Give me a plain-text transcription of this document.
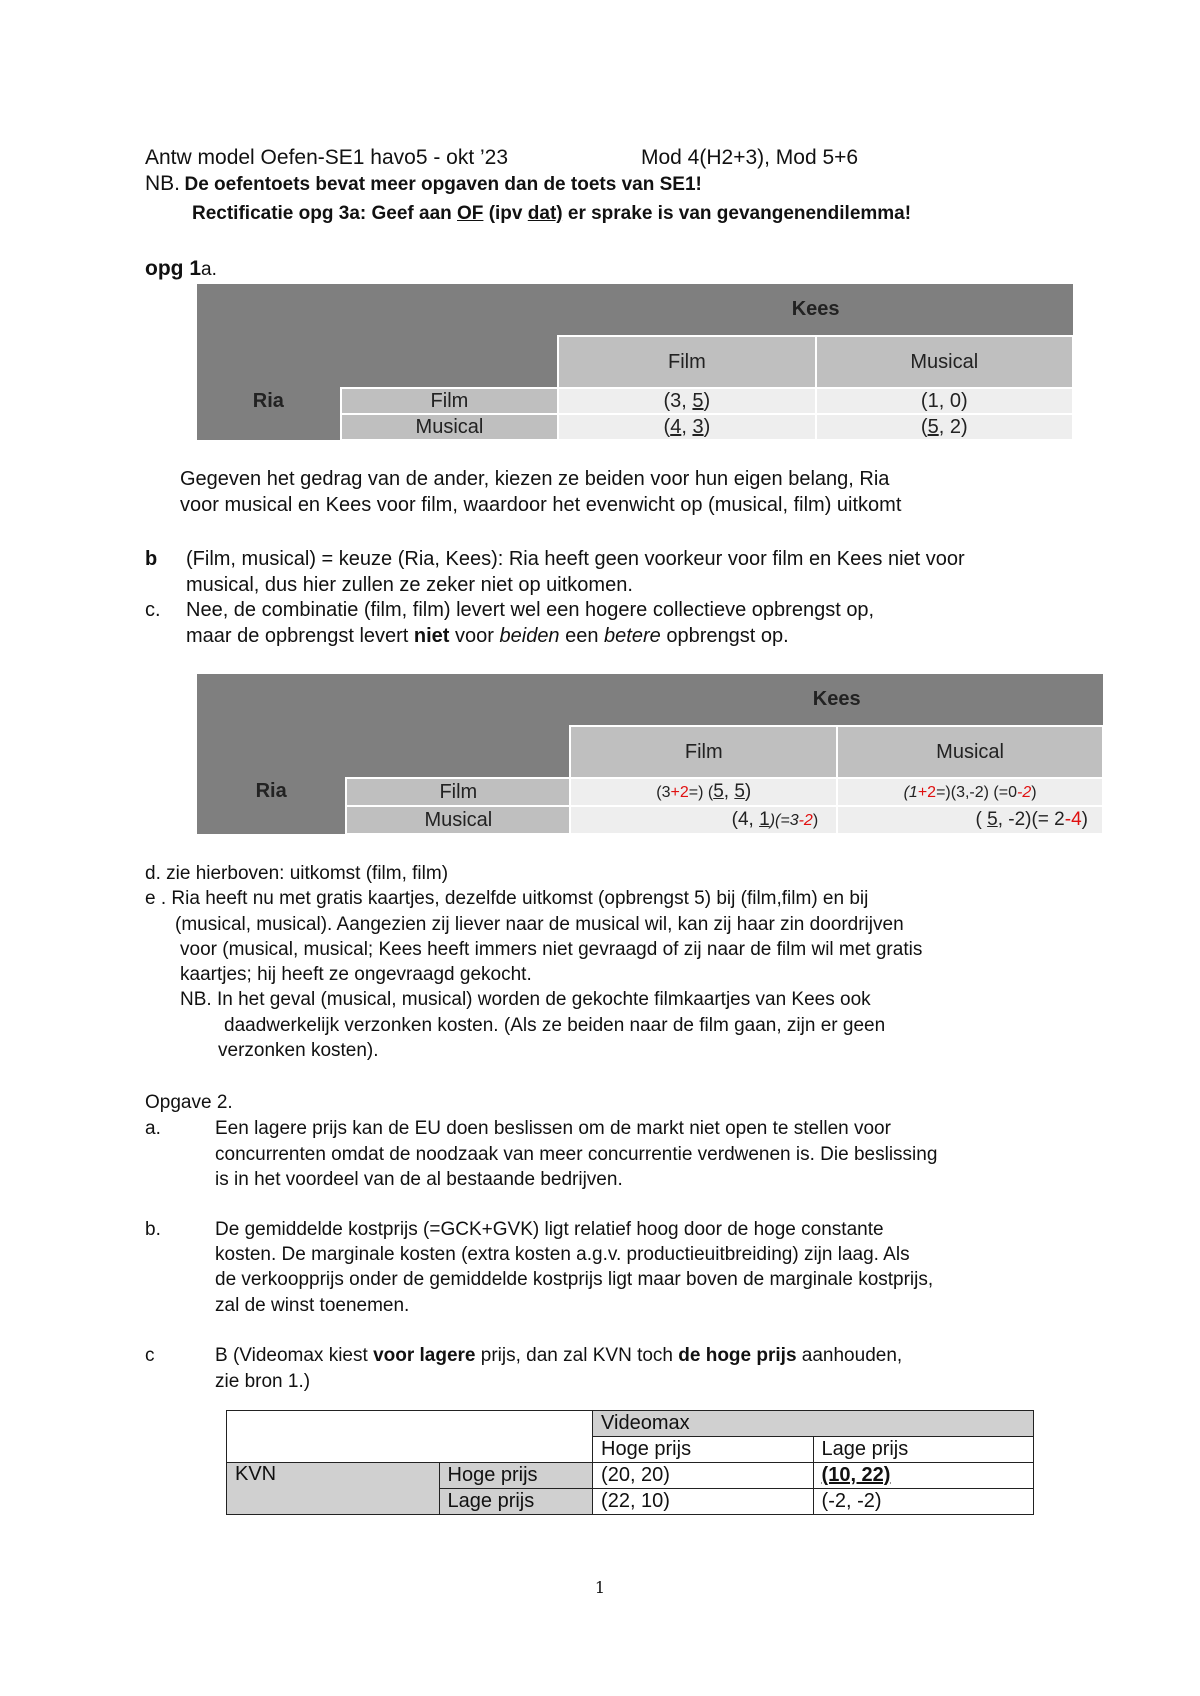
Antw model Oefen-SE1 havo5 - okt ’23	Mod 4(H2+3), Mod 5+6
NB. De oefentoets bevat meer opgaven dan de toets van SE1!
Rectificatie opg 3a: Geef aan OF (ipv dat) er sprake is van gevangenendilemma!
opg 1a.
		Kees	
		Film	Musical
Ria	Film	(3, 5)	(1, 0)
	Musical	(4, 3)	(5, 2)
Gegeven het gedrag van de ander, kiezen ze beiden voor hun eigen belang, Ria
voor musical en Kees voor film, waardoor het evenwicht op (musical, film) uitkomt
b (Film, musical) = keuze (Ria, Kees): Ria heeft geen voorkeur voor film en Kees niet voor
musical, dus hier zullen ze zeker niet op uitkomen.
c. Nee, de combinatie (film, film) levert wel een hogere collectieve opbrengst op,
maar de opbrengst levert niet voor beiden een betere opbrengst op.
		Kees	
		Film	Musical
Ria	Film	(3+2=) (5, 5)	(1+2=)(3,-2) (=0-2)
	Musical	(4, 1)(=3-2)	( 5, -2)(= 2-4)
d. zie hierboven: uitkomst (film, film)
e . Ria heeft nu met gratis kaartjes, dezelfde uitkomst (opbrengst 5) bij (film,film) en bij
(musical, musical). Aangezien zij liever naar de musical wil, kan zij haar zin doordrijven
voor (musical, musical; Kees heeft immers niet gevraagd of zij naar de film wil met gratis
kaartjes; hij heeft ze ongevraagd gekocht.
NB. In het geval (musical, musical) worden de gekochte filmkaartjes van Kees ook
daadwerkelijk verzonken kosten. (Als ze beiden naar de film gaan, zijn er geen
verzonken kosten).
Opgave 2.
a.	Een lagere prijs kan de EU doen beslissen om de markt niet open te stellen voor
concurrenten omdat de noodzaak van meer concurrentie verdwenen is. Die beslissing
is in het voordeel van de al bestaande bedrijven.
b.	De gemiddelde kostprijs (=GCK+GVK) ligt relatief hoog door de hoge constante
kosten. De marginale kosten (extra kosten a.g.v. productieuitbreiding) zijn laag. Als
de verkoopprijs onder de gemiddelde kostprijs ligt maar boven de marginale kostprijs,
zal de winst toenemen.
c	B (Videomax kiest voor lagere prijs, dan zal KVN toch de hoge prijs aanhouden,
zie bron 1.)
		Videomax	
		Hoge prijs	Lage prijs
KVN	Hoge prijs	(20, 20)	(10, 22)
	Lage prijs	(22, 10)	(-2, -2)
1
